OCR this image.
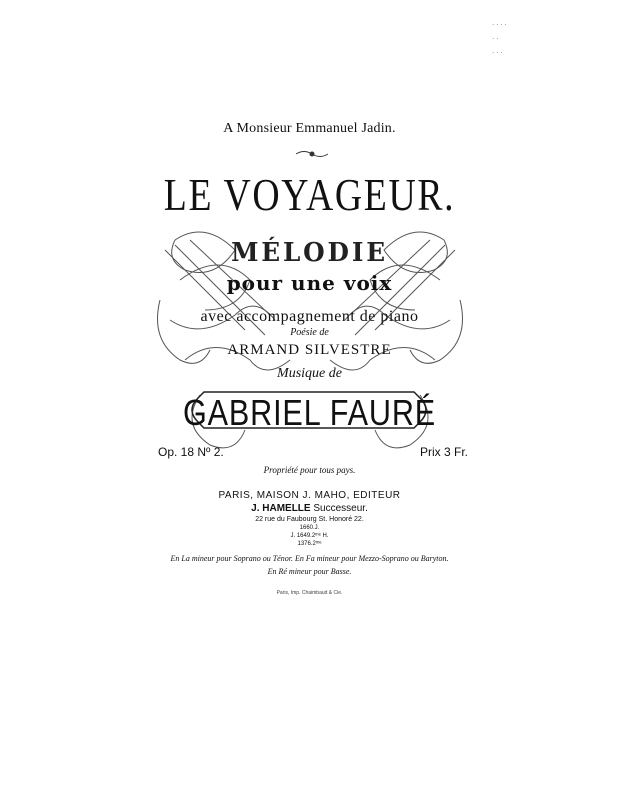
· · · ·
· ·
· · ·
A Monsieur Emmanuel Jadin.
LE VOYAGEUR.
MÉLODIE
pour une voix
avec accompagnement de piano
Poésie de
ARMAND SILVESTRE
Musique de
GABRIEL FAURÉ
Op. 18 Nº 2.	Prix 3 Fr.
Propriété pour tous pays.
PARIS, MAISON J. MAHO, EDITEUR
J. HAMELLE Successeur.
22 rue du Faubourg St. Honoré 22.
1660.J.
J. 1649.2ᵐᵉ H.
1376.2ᵐᵉ
En La mineur pour Soprano ou Ténor. En Fa mineur pour Mezzo-Soprano ou Baryton.
En Ré mineur pour Basse.
Paris, Imp. Chaimbaud & Cie.
